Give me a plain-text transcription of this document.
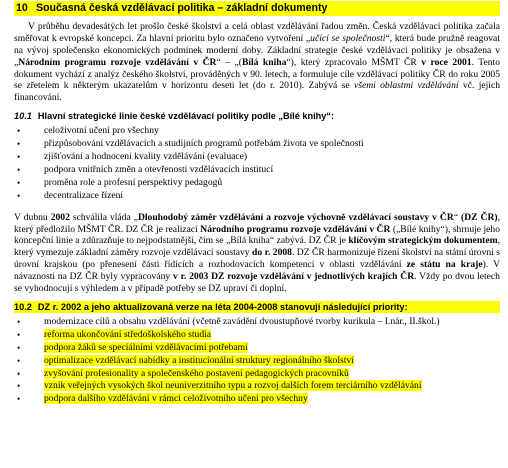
10 Současná česká vzdělávací politika – základní dokumenty

V průběhu devadesátých let prošlo české školství a celá oblast vzdělávání řadou změn. Česká vzdělávací politika začala směřovat k evropské koncepci. Za hlavní prioritu bylo označeno vytvoření „učící se společnosti“, která bude pružně reagovat na vývoj společensko ekonomických podmínek moderní doby. Základní strategie české vzdělávací politiky je obsažena v „Národním programu rozvoje vzdělávání v ČR“ – „(Bílá kniha“), který zpracovalo MŠMT ČR v roce 2001. Tento dokument vychází z analýz českého školství, prováděných v 90. letech, a formuluje cíle vzdělávací politiky ČR do roku 2005 se zřetelem k některým ukazatelům v horizontu deseti let (do r. 2010). Zabývá se všemi oblastmi vzdělávání vč. jejich financování.

10.1 Hlavní strategické linie české vzdělávací politiky podle „Bílé knihy“:
• celoživotní učení pro všechny
• přizpůsobování vzdělávacích a studijních programů potřebám života ve společnosti
• zjišťování a hodnocení kvality vzdělávání (evaluace)
• podpora vnitřních změn a otevřenosti vzdělávacích institucí
• proměna role a profesní perspektivy pedagogů
• decentralizace řízení

V dubnu 2002 schválila vláda „Dlouhodobý záměr vzdělávání a rozvoje výchovně vzdělávací soustavy v ČR“ (DZ ČR), který předložilo MŠMT ČR. DZ ČR je realizací Národního programu rozvoje vzdělávání v ČR („Bílé knihy“), shrnuje jeho koncepční linie a zdůrazňuje to nejpodstatnější, čím se „Bílá kniha“ zabývá. DZ ČR je klíčovým strategickým dokumentem, který vymezuje základní záměry rozvoje vzdělávací soustavy do r. 2008. DZ ČR harmonizuje řízení školství na státní úrovni s úrovní krajskou (po přenesení části řídících a rozhodovacích kompetencí v oblasti vzdělávání ze státu na kraje). V návaznosti na DZ ČR byly vypracovány v r. 2003 DZ rozvoje vzdělávání v jednotlivých krajích ČR. Vždy po dvou letech se vyhodnocují s výhledem a v případě potřeby se DZ upraví či doplní.

10.2 DZ r. 2002 a jeho aktualizovaná verze na léta 2004-2008 stanovují následující priority:
• modernizace cílů a obsahu vzdělávání (včetně zavádění dvoustupňové tvorby kurikula – I.nár., II.škol.)
• reforma ukončování středoškolského studia
• podpora žáků se speciálními vzdělávacími potřebami
• optimalizace vzdělávací nabídky a institucionální struktury regionálního školství
• zvyšování profesionality a společenského postavení pedagogických pracovníků
• vznik veřejných vysokých škol neuniverzitního typu a rozvoj dalších forem terciárního vzdělávání
• podpora dalšího vzdělávání v rámci celoživotního učení pro všechny
